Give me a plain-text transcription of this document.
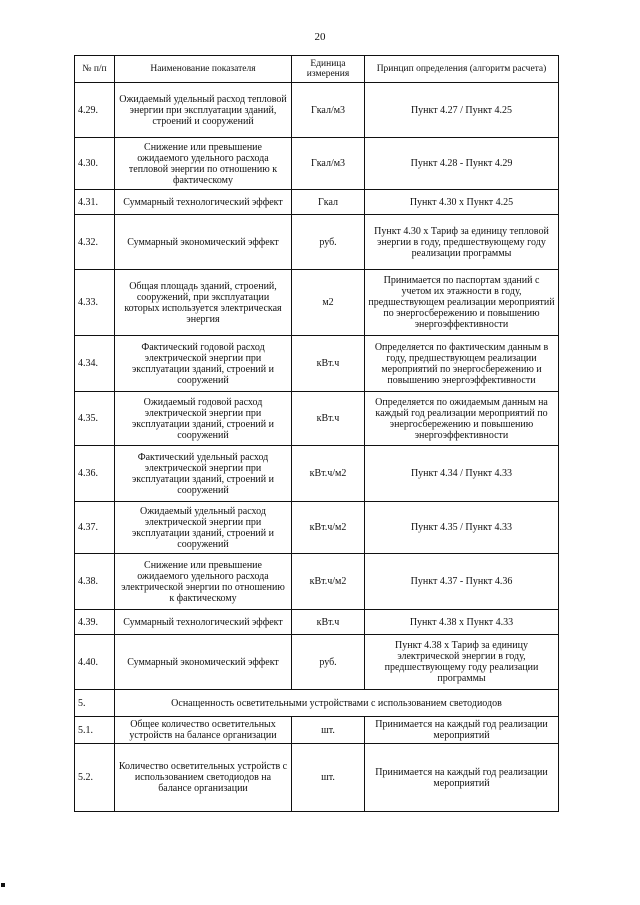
20
№ п/п	Наименование показателя	Единица измерения	Принцип определения (алгоритм расчета)
4.29.	Ожидаемый удельный расход тепловой энергии при эксплуатации зданий, строений и сооружений	Гкал/м3	Пункт 4.27 / Пункт 4.25
4.30.	Снижение или превышение ожидаемого удельного расхода тепловой энергии по отношению к фактическому	Гкал/м3	Пункт 4.28 - Пункт 4.29
4.31.	Суммарный технологический эффект	Гкал	Пункт 4.30 х Пункт 4.25
4.32.	Суммарный экономический эффект	руб.	Пункт 4.30 х Тариф за единицу тепловой энергии в году, предшествующему году реализации программы
4.33.	Общая площадь зданий, строений, сооружений, при эксплуатации которых используется электрическая энергия	м2	Принимается по паспортам зданий с учетом их этажности в году, предшествующем реализации мероприятий по энергосбережению и повышению энергоэффективности
4.34.	Фактический годовой расход электрической энергии при эксплуатации зданий, строений и сооружений	кВт.ч	Определяется по фактическим данным в году, предшествующем реализации мероприятий по энергосбережению и повышению энергоэффективности
4.35.	Ожидаемый годовой расход электрической энергии при эксплуатации зданий, строений и сооружений	кВт.ч	Определяется по ожидаемым данным на каждый год реализации мероприятий по энергосбережению и повышению энергоэффективности
4.36.	Фактический удельный расход электрической энергии при эксплуатации зданий, строений и сооружений	кВт.ч/м2	Пункт 4.34 / Пункт 4.33
4.37.	Ожидаемый удельный расход электрической энергии при эксплуатации зданий, строений и сооружений	кВт.ч/м2	Пункт 4.35 / Пункт 4.33
4.38.	Снижение или превышение ожидаемого удельного расхода электрической энергии по отношению к фактическому	кВт.ч/м2	Пункт 4.37 - Пункт 4.36
4.39.	Суммарный технологический эффект	кВт.ч	Пункт 4.38 х Пункт 4.33
4.40.	Суммарный экономический эффект	руб.	Пункт 4.38 х Тариф за единицу электрической энергии в году, предшествующему году реализации программы
5.	Оснащенность осветительными устройствами с использованием светодиодов		
5.1.	Общее количество осветительных устройств на балансе организации	шт.	Принимается на каждый год реализации мероприятий
5.2.	Количество осветительных устройств с использованием светодиодов на балансе организации	шт.	Принимается на каждый год реализации мероприятий
